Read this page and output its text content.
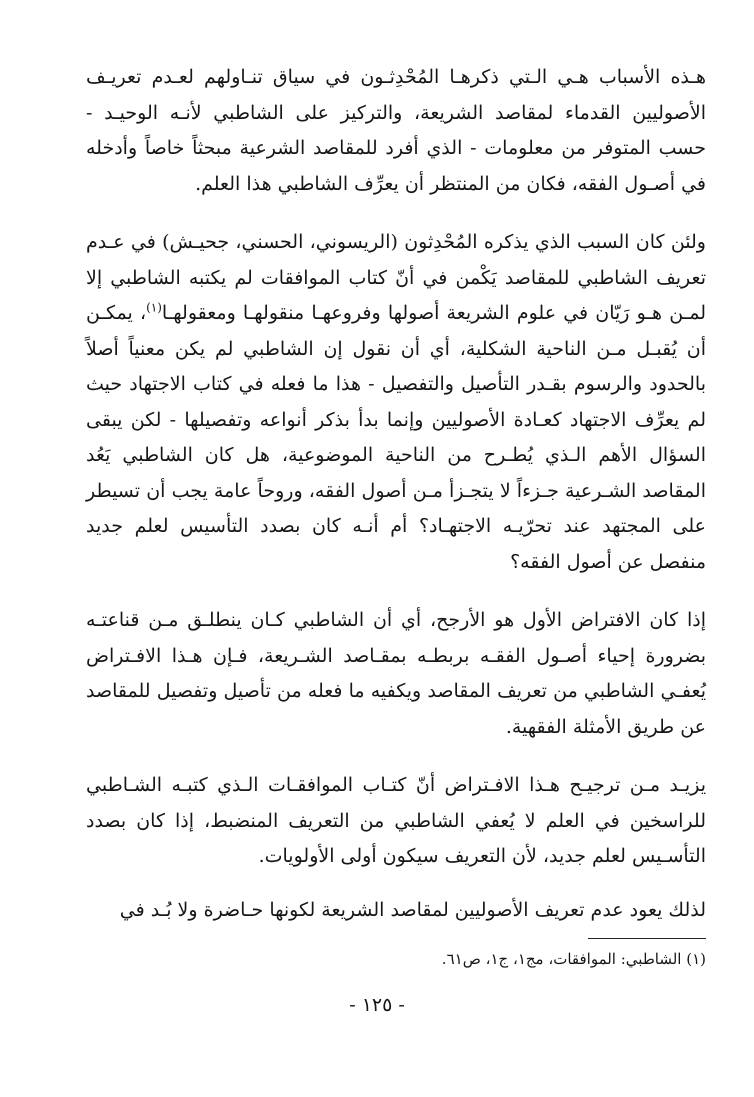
هـذه الأسباب هـي الـتي ذكرهـا المُحْدِثـون في سياق تنـاولهم لعـدم تعريـف الأصوليين القدماء لمقاصد الشريعة، والتركيز على الشاطبي لأنـه الوحيـد - حسب المتوفر من معلومات - الذي أفرد للمقاصد الشرعية مبحثاً خاصاً وأدخله في أصـول الفقه، فكان من المنتظر أن يعرِّف الشاطبي هذا العلم.

ولئن كان السبب الذي يذكره المُحْدِثون (الريسوني، الحسني، جحيـش) في عـدم تعريف الشاطبي للمقاصد يَكْمن في أنّ كتاب الموافقات لم يكتبه الشاطبي إلا لمـن هـو رَيّان في علوم الشريعة أصولها وفروعهـا منقولهـا ومعقولهـا$^{(١)}$، يمكـن أن يُقبـل مـن الناحية الشكلية، أي أن نقول إن الشاطبي لم يكن معنياً أصلاً بالحدود والرسوم بقـدر التأصيل والتفصيل - هذا ما فعله في كتاب الاجتهاد حيث لم يعرِّف الاجتهاد كعـادة الأصوليين وإنما بدأ بذكر أنواعه وتفصيلها - لكن يبقى السؤال الأهم الـذي يُطـرح من الناحية الموضوعية، هل كان الشاطبي يَعُد المقاصد الشـرعية جـزءاً لا يتجـزأ مـن أصول الفقه، وروحاً عامة يجب أن تسيطر على المجتهد عند تحرّيـه الاجتهـاد؟ أم أنـه كان بصدد التأسيس لعلم جديد منفصل عن أصول الفقه؟

إذا كان الافتراض الأول هو الأرجح، أي أن الشاطبي كـان ينطلـق مـن قناعتـه بضرورة إحياء أصـول الفقـه بربطـه بمقـاصد الشـريعة، فـإن هـذا الافـتراض يُعفـي الشاطبي من تعريف المقاصد ويكفيه ما فعله من تأصيل وتفصيل للمقاصد عن طريق الأمثلة الفقهية.

يزيـد مـن ترجيـح هـذا الافـتراض أنّ كتـاب الموافقـات الـذي كتبـه الشـاطبي للراسخين في العلم لا يُعفي الشاطبي من التعريف المنضبط، إذا كان بصدد التأسـيس لعلم جديد، لأن التعريف سيكون أولى الأولويات.

لذلك يعود عدم تعريف الأصوليين لمقاصد الشريعة لكونها حـاضرة ولا بُـد في

(١) الشاطبي: الموافقات، مج١، ج١، ص٦١.
- ١٢٥ -
